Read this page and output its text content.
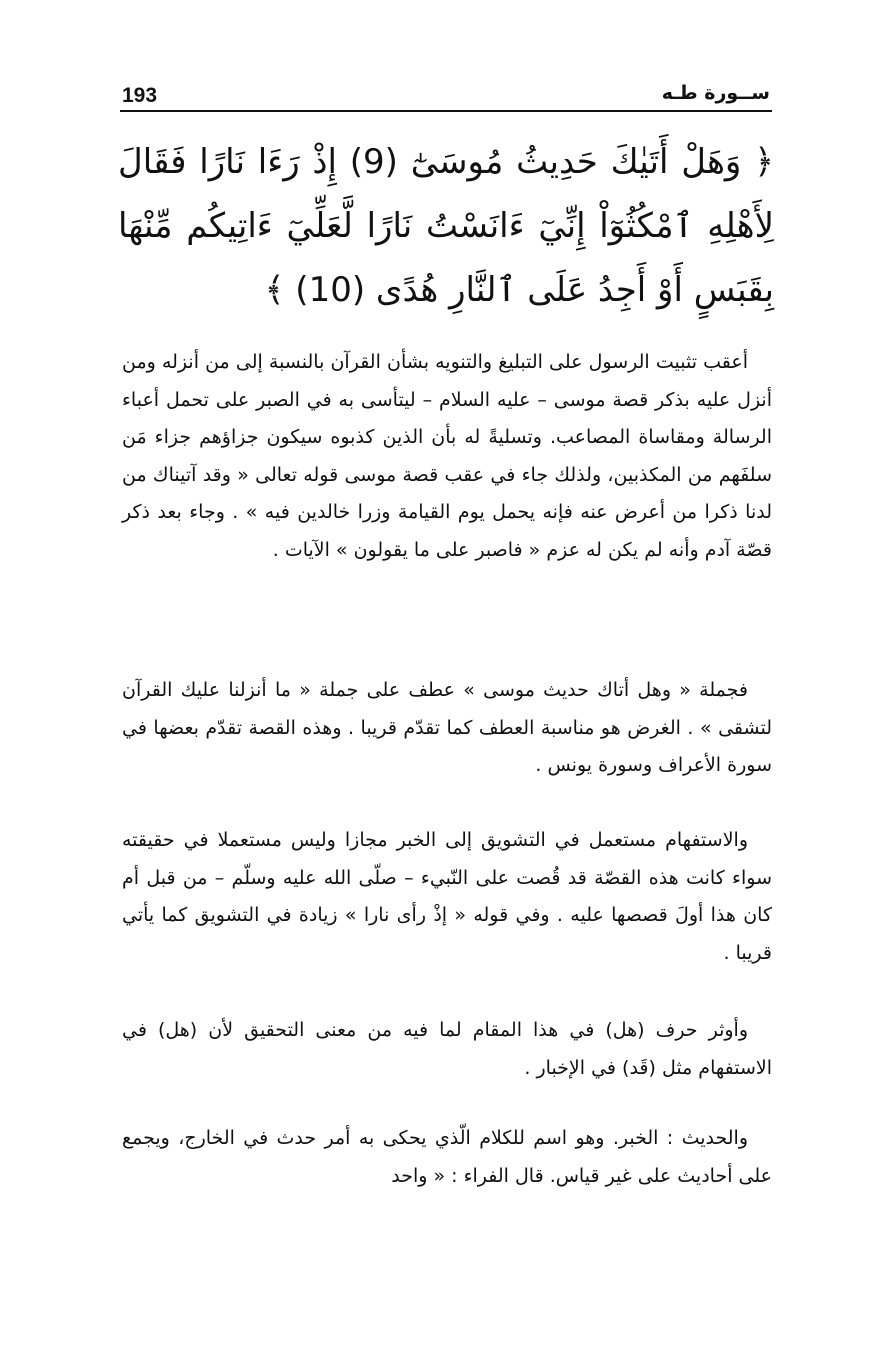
193	ســورة طـه
﴿ وَهَلْ أَتَيٰكَ حَدِيثُ مُوسَىٰٓ (9) إِذْ رَءَا نَارًا فَقَالَ لِأَهْلِهِ ٱمْكُثُوٓاْ إِنِّيٓ ءَانَسْتُ نَارًا لَّعَلِّيٓ ءَاتِيكُم مِّنْهَا بِقَبَسٍ أَوْ أَجِدُ عَلَى ٱلنَّارِ هُدًى (10) ﴾

أعقب تثبيت الرسول على التبليغ والتنويه بشأن القرآن بالنسبة إلى من أنزله ومن أنزل عليه بذكر قصة موسى – عليه السلام – ليتأسى به في الصبر على تحمل أعباء الرسالة ومقاساة المصاعب. وتسليةً له بأن الذين كذبوه سيكون جزاؤهم جزاء مَن سلفَهم من المكذبين، ولذلك جاء في عقب قصة موسى قوله تعالى « وقد آتيناك من لدنا ذكرا من أعرض عنه فإنه يحمل يوم القيامة وزرا خالدين فيه » . وجاء بعد ذكر قصّة آدم وأنه لم يكن له عزم « فاصبر على ما يقولون » الآيات .

فجملة « وهل أتاك حديث موسى » عطف على جملة « ما أنزلنا عليك القرآن لتشقى » . الغرض هو مناسبة العطف كما تقدّم قريبا . وهذه القصة تقدّم بعضها في سورة الأعراف وسورة يونس .

والاستفهام مستعمل في التشويق إلى الخبر مجازا وليس مستعملا في حقيقته سواء كانت هذه القصّة قد قُصت على النّبيء – صلّى الله عليه وسلّم – من قبل أم كان هذا أولَ قصصها عليه . وفي قوله « إذْ رأى نارا » زيادة في التشويق كما يأتي قريبا .

وأوثر حرف (هل) في هذا المقام لما فيه من معنى التحقيق لأن (هل) في الاستفهام مثل (قَد) في الإخبار .

والحديث : الخبر. وهو اسم للكلام الّذي يحكى به أمر حدث في الخارج، ويجمع على أحاديث على غير قياس. قال الفراء : « واحد
